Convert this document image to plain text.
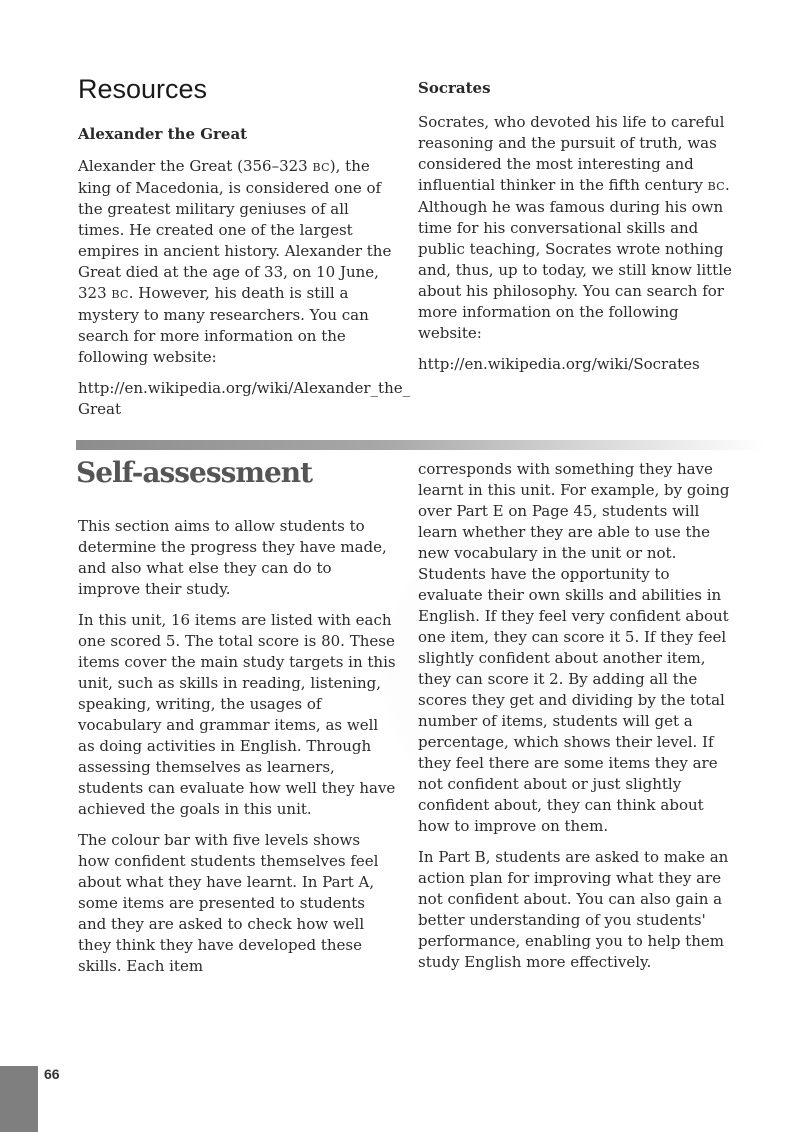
Resources
Alexander the Great

Alexander the Great (356–323 BC), the king of Macedonia, is considered one of the greatest military geniuses of all times. He created one of the largest empires in ancient history. Alexander the Great died at the age of 33, on 10 June, 323 BC. However, his death is still a mystery to many researchers. You can search for more information on the following website:

http://en.wikipedia.org/wiki/Alexander_the_ Great

Socrates

Socrates, who devoted his life to careful reasoning and the pursuit of truth, was considered the most interesting and influential thinker in the fifth century BC. Although he was famous during his own time for his conversational skills and public teaching, Socrates wrote nothing and, thus, up to today, we still know little about his philosophy. You can search for more information on the following website:

http://en.wikipedia.org/wiki/Socrates

Self-assessment

This section aims to allow students to determine the progress they have made, and also what else they can do to improve their study.

In this unit, 16 items are listed with each one scored 5. The total score is 80. These items cover the main study targets in this unit, such as skills in reading, listening, speaking, writing, the usages of vocabulary and grammar items, as well as doing activities in English. Through assessing themselves as learners, students can evaluate how well they have achieved the goals in this unit.

The colour bar with five levels shows how confident students themselves feel about what they have learnt. In Part A, some items are presented to students and they are asked to check how well they think they have developed these skills. Each item

corresponds with something they have learnt in this unit. For example, by going over Part E on Page 45, students will learn whether they are able to use the new vocabulary in the unit or not. Students have the opportunity to evaluate their own skills and abilities in English. If they feel very confident about one item, they can score it 5. If they feel slightly confident about another item, they can score it 2. By adding all the scores they get and dividing by the total number of items, students will get a percentage, which shows their level. If they feel there are some items they are not confident about or just slightly confident about, they can think about how to improve on them.

In Part B, students are asked to make an action plan for improving what they are not confident about. You can also gain a better understanding of you students' performance, enabling you to help them study English more effectively.

66
